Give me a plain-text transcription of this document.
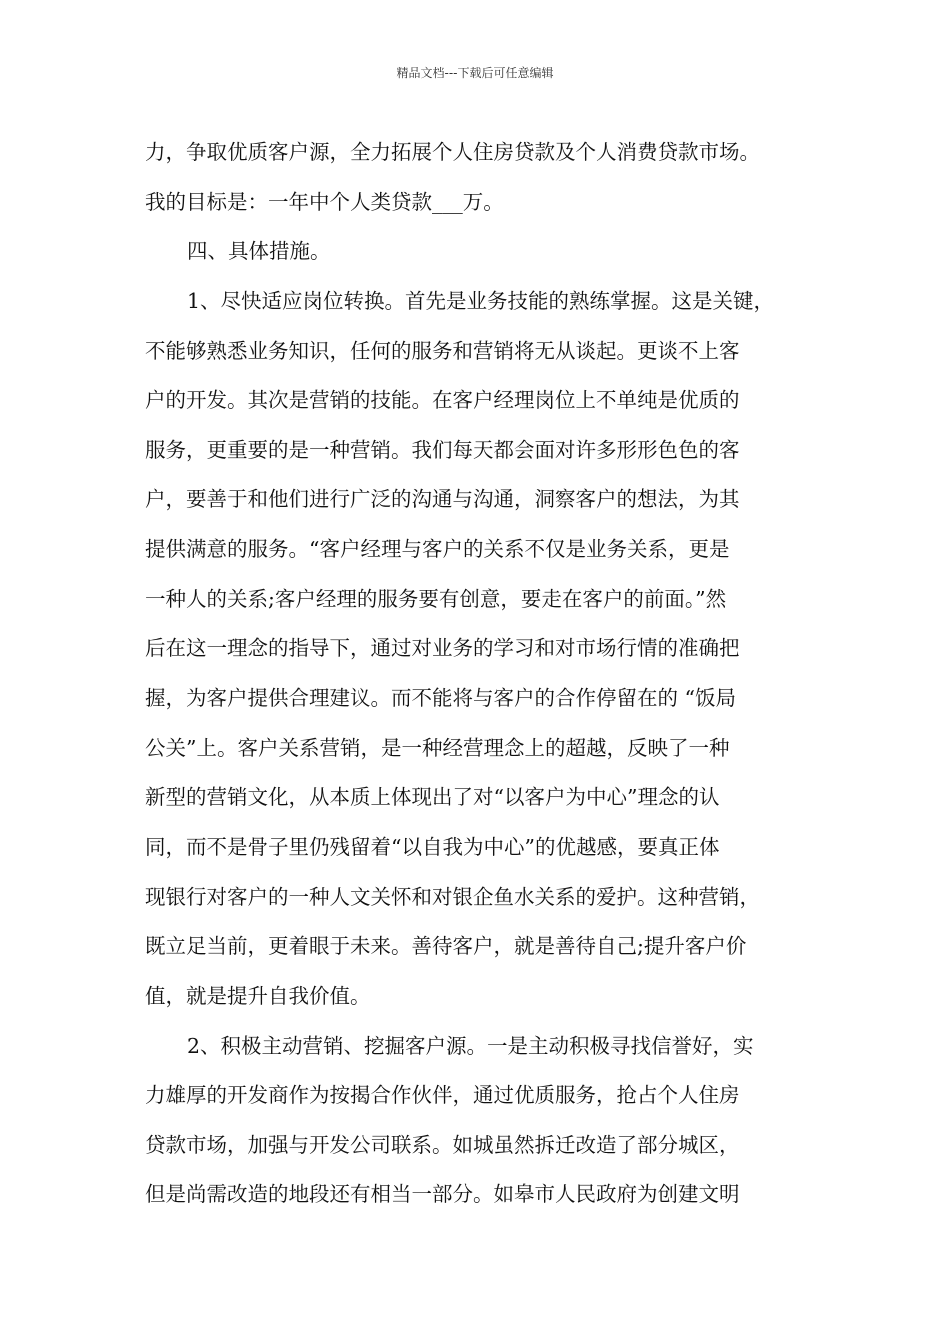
精品文档---下载后可任意编辑
力，争取优质客户源，全力拓展个人住房贷款及个人消费贷款市场。
我的目标是：一年中个人类贷款___万。
四、具体措施。
1、尽快适应岗位转换。首先是业务技能的熟练掌握。这是关键，
不能够熟悉业务知识，任何的服务和营销将无从谈起。更谈不上客
户的开发。其次是营销的技能。在客户经理岗位上不单纯是优质的
服务，更重要的是一种营销。我们每天都会面对许多形形色色的客
户，要善于和他们进行广泛的沟通与沟通，洞察客户的想法，为其
提供满意的服务。“客户经理与客户的关系不仅是业务关系，更是
一种人的关系;客户经理的服务要有创意，要走在客户的前面。”然
后在这一理念的指导下，通过对业务的学习和对市场行情的准确把
握，为客户提供合理建议。而不能将与客户的合作停留在的 “饭局
公关”上。客户关系营销，是一种经营理念上的超越，反映了一种
新型的营销文化，从本质上体现出了对“以客户为中心”理念的认
同，而不是骨子里仍残留着“以自我为中心”的优越感，要真正体
现银行对客户的一种人文关怀和对银企鱼水关系的爱护。这种营销，
既立足当前，更着眼于未来。善待客户，就是善待自己;提升客户价
值，就是提升自我价值。
2、积极主动营销、挖掘客户源。一是主动积极寻找信誉好，实
力雄厚的开发商作为按揭合作伙伴，通过优质服务，抢占个人住房
贷款市场，加强与开发公司联系。如城虽然拆迁改造了部分城区，
但是尚需改造的地段还有相当一部分。如皋市人民政府为创建文明
